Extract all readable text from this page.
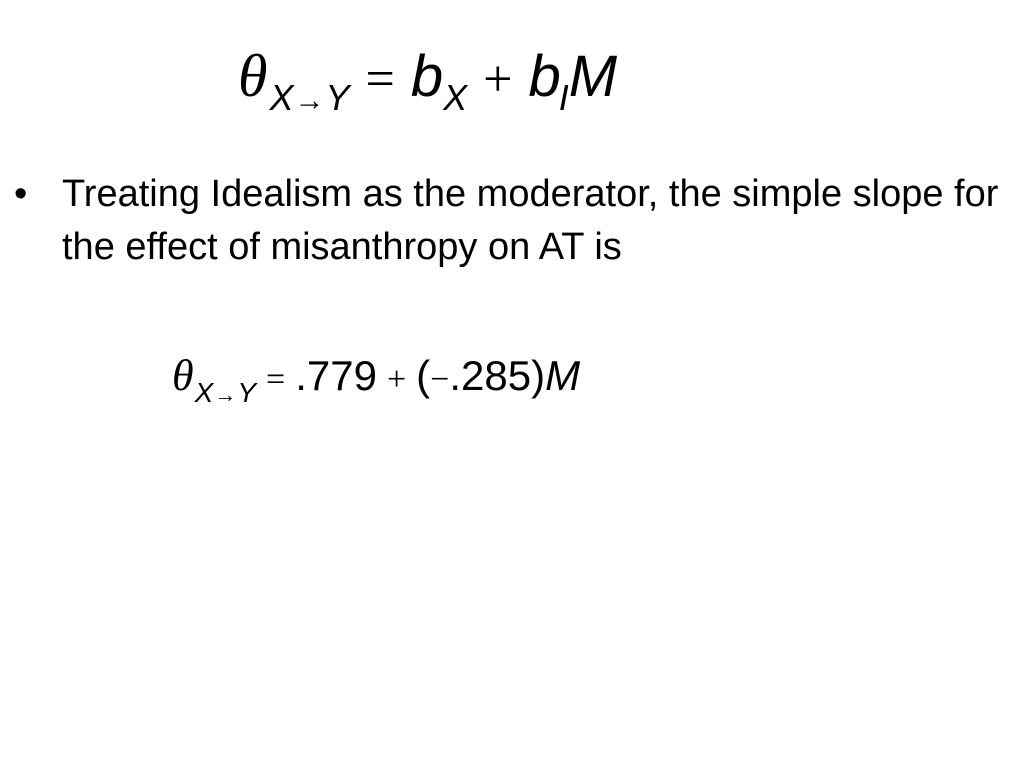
θX→Y = bX + bIM
• Treating Idealism as the moderator, the simple slope for the effect of misanthropy on AT is
θX→Y = .779 + (−.285)M
